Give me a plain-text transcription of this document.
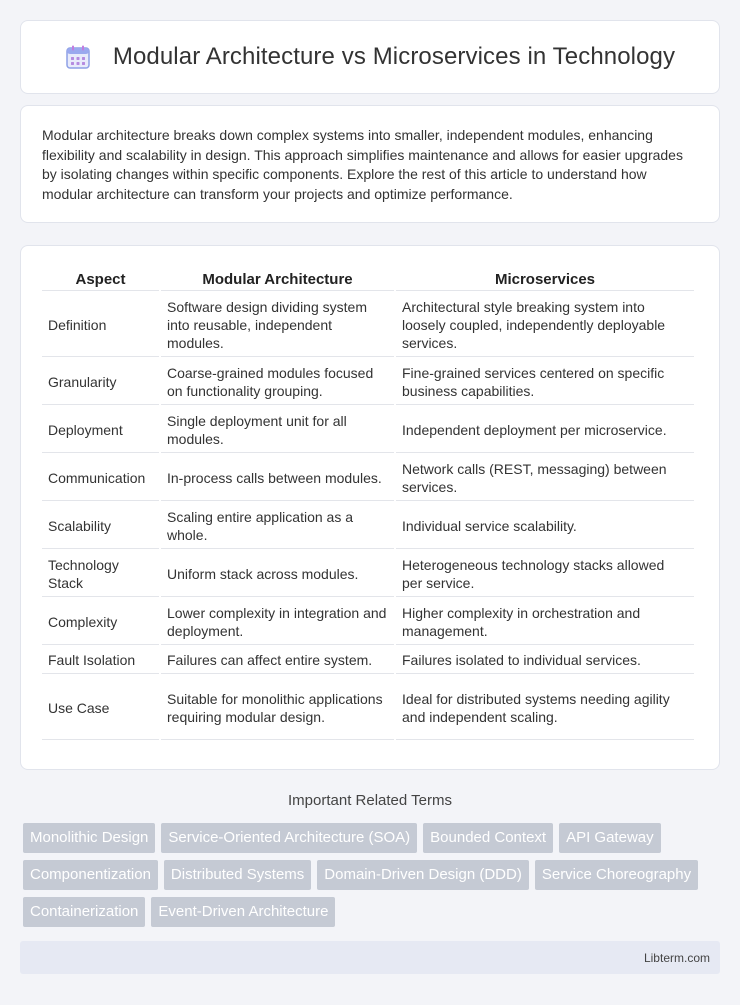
Modular Architecture vs Microservices in Technology

Modular architecture breaks down complex systems into smaller, independent modules, enhancing flexibility and scalability in design. This approach simplifies maintenance and allows for easier upgrades by isolating changes within specific components. Explore the rest of this article to understand how modular architecture can transform your projects and optimize performance.

Aspect	Modular Architecture	Microservices
Definition	Software design dividing system into reusable, independent modules.	Architectural style breaking system into loosely coupled, independently deployable services.
Granularity	Coarse-grained modules focused on functionality grouping.	Fine-grained services centered on specific business capabilities.
Deployment	Single deployment unit for all modules.	Independent deployment per microservice.
Communication	In-process calls between modules.	Network calls (REST, messaging) between services.
Scalability	Scaling entire application as a whole.	Individual service scalability.
Technology Stack	Uniform stack across modules.	Heterogeneous technology stacks allowed per service.
Complexity	Lower complexity in integration and deployment.	Higher complexity in orchestration and management.
Fault Isolation	Failures can affect entire system.	Failures isolated to individual services.
Use Case	Suitable for monolithic applications requiring modular design.	Ideal for distributed systems needing agility and independent scaling.
Important Related Terms
Monolithic Design	Service-Oriented Architecture (SOA)	Bounded Context	API Gateway
Componentization	Distributed Systems	Domain-Driven Design (DDD)	Service Choreography
Containerization	Event-Driven Architecture
Libterm.com
